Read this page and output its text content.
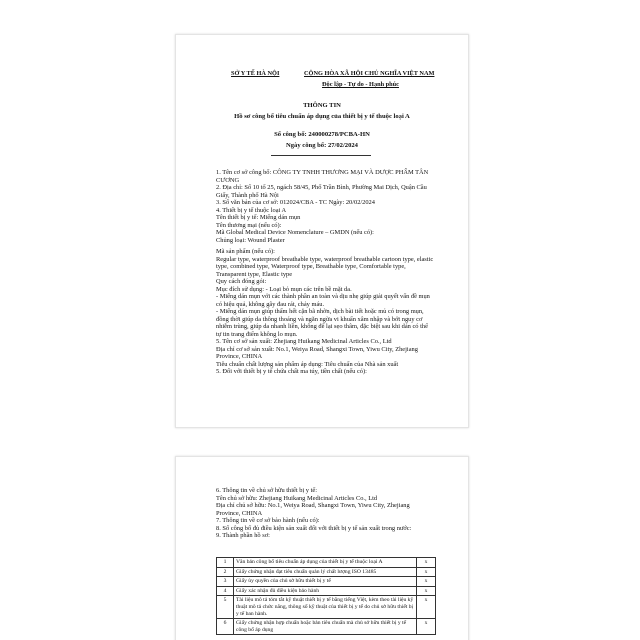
SỞ Y TẾ HÀ NỘI	CỘNG HÒA XÃ HỘI CHỦ NGHĨA VIỆT NAM
Độc lập - Tự do - Hạnh phúc
THÔNG TIN
Hồ sơ công bố tiêu chuẩn áp dụng của thiết bị y tế thuộc loại A
Số công bố: 240000278/PCBA-HN
Ngày công bố: 27/02/2024
1. Tên cơ sở công bố: CÔNG TY TNHH THƯƠNG MẠI VÀ DƯỢC PHẨM TÂN CƯƠNG
2. Địa chỉ: Số 10 tổ 25, ngách 58/45, Phố Trần Bình, Phường Mai Dịch, Quận Cầu Giấy, Thành phố Hà Nội
3. Số văn bản của cơ sở: 012024/CBA - TC Ngày: 20/02/2024
4. Thiết bị y tế thuộc loại A
Tên thiết bị y tế: Miếng dán mụn
Tên thương mại (nếu có):
Mã Global Medical Device Nomenclature – GMDN (nếu có):
Chủng loại: Wound Plaster
Mã sản phẩm (nếu có):
Regular type, waterproof breathable type, waterproof breathable cartoon type, elastic type, combined type, Waterproof type, Breathable type, Comfortable type, Transparent type, Elastic type
Quy cách đóng gói:
Mục đích sử dụng: - Loại bỏ mụn các trên bề mặt da.
- Miếng dán mụn với các thành phần an toàn và dịu nhẹ giúp giải quyết vấn đề mụn có hiệu quả, không gây đau rát, chảy máu.
- Miếng dán mụn giúp thấm hết cặn bã nhờn, dịch bài tiết hoặc mủ có trong mụn, đồng thời giúp da thông thoáng và ngăn ngừa vi khuẩn xâm nhập và bớt nguy cơ nhiễm trùng, giúp da nhanh liền, không để lại sẹo thâm, đặc biệt sau khi dán có thể tự tin trang điểm không lo mụn.
5. Tên cơ sở sản xuất: Zhejiang Huikang Medicinal Articles Co., Ltd
Địa chỉ cơ sở sản xuất: No.1, Weiya Road, Shangxi Town, Yiwu City, Zhejiang Province, CHINA
Tiêu chuẩn chất lượng sản phẩm áp dụng: Tiêu chuẩn của Nhà sản xuất
5. Đối với thiết bị y tế chứa chất ma túy, tiền chất (nếu có):
6. Thông tin về chủ sở hữu thiết bị y tế:
Tên chủ sở hữu: Zhejiang Huikang Medicinal Articles Co., Ltd
Địa chỉ chủ sở hữu: No.1, Weiya Road, Shangxi Town, Yiwu City, Zhejiang Province, CHINA
7. Thông tin về cơ sở bảo hành (nếu có):
8. Số công bố đủ điều kiện sản xuất đối với thiết bị y tế sản xuất trong nước:
9. Thành phần hồ sơ:
1	Văn bản công bố tiêu chuẩn áp dụng của thiết bị y tế thuộc loại A	x
2	Giấy chứng nhận đạt tiêu chuẩn quản lý chất lượng ISO 13485	x
3	Giấy ủy quyền của chủ sở hữu thiết bị y tế	x
4	Giấy xác nhận đủ điều kiện bảo hành	x
5	Tài liệu mô tả tóm tắt kỹ thuật thiết bị y tế bằng tiếng Việt, kèm theo tài liệu kỹ thuật mô tả chức năng, thông số kỹ thuật của thiết bị y tế do chủ sở hữu thiết bị y tế ban hành.	x
6	Giấy chứng nhận hợp chuẩn hoặc bản tiêu chuẩn mà chủ sở hữu thiết bị y tế công bố áp dụng	x
